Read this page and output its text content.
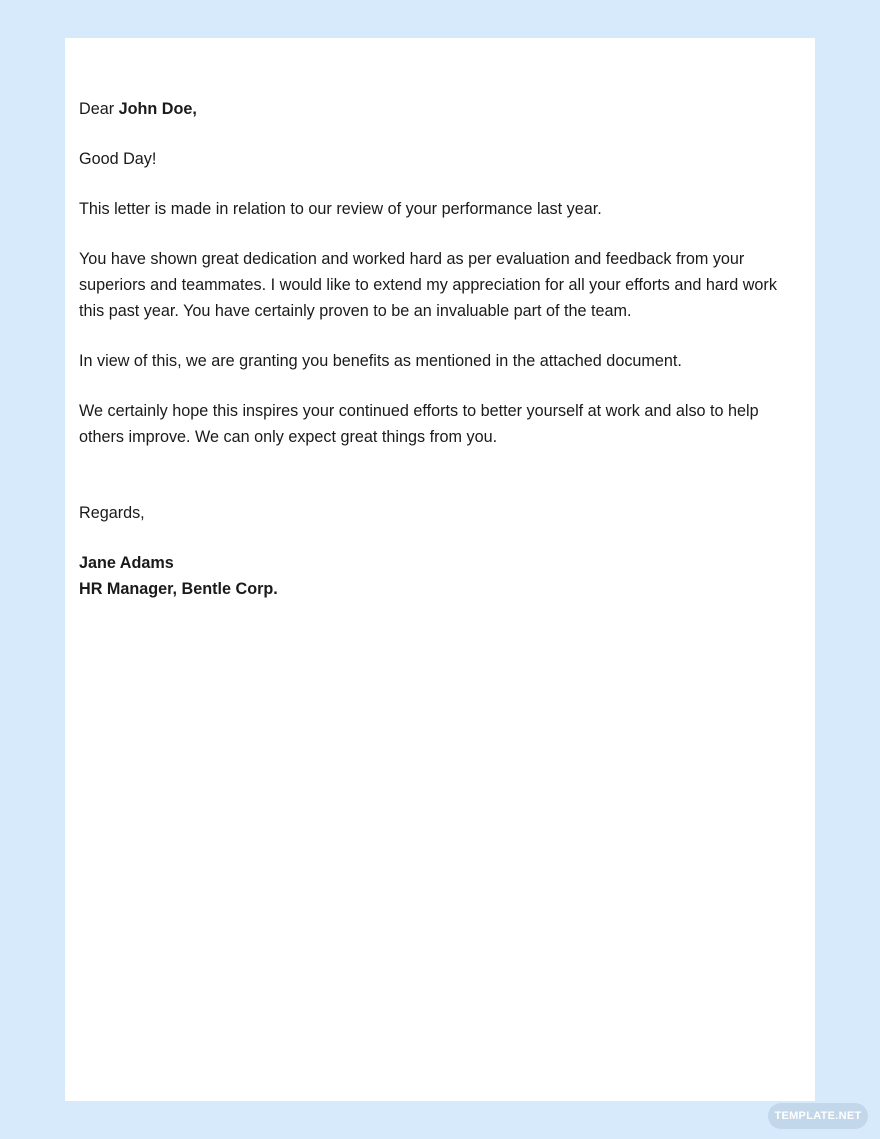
Dear John Doe,

Good Day!

This letter is made in relation to our review of your performance last year.

You have shown great dedication and worked hard as per evaluation and feedback from your superiors and teammates. I would like to extend my appreciation for all your efforts and hard work this past year. You have certainly proven to be an invaluable part of the team.

In view of this, we are granting you benefits as mentioned in the attached document.

We certainly hope this inspires your continued efforts to better yourself at work and also to help others improve. We can only expect great things from you.

Regards,

Jane Adams
HR Manager, Bentle Corp.

TEMPLATE.NET
